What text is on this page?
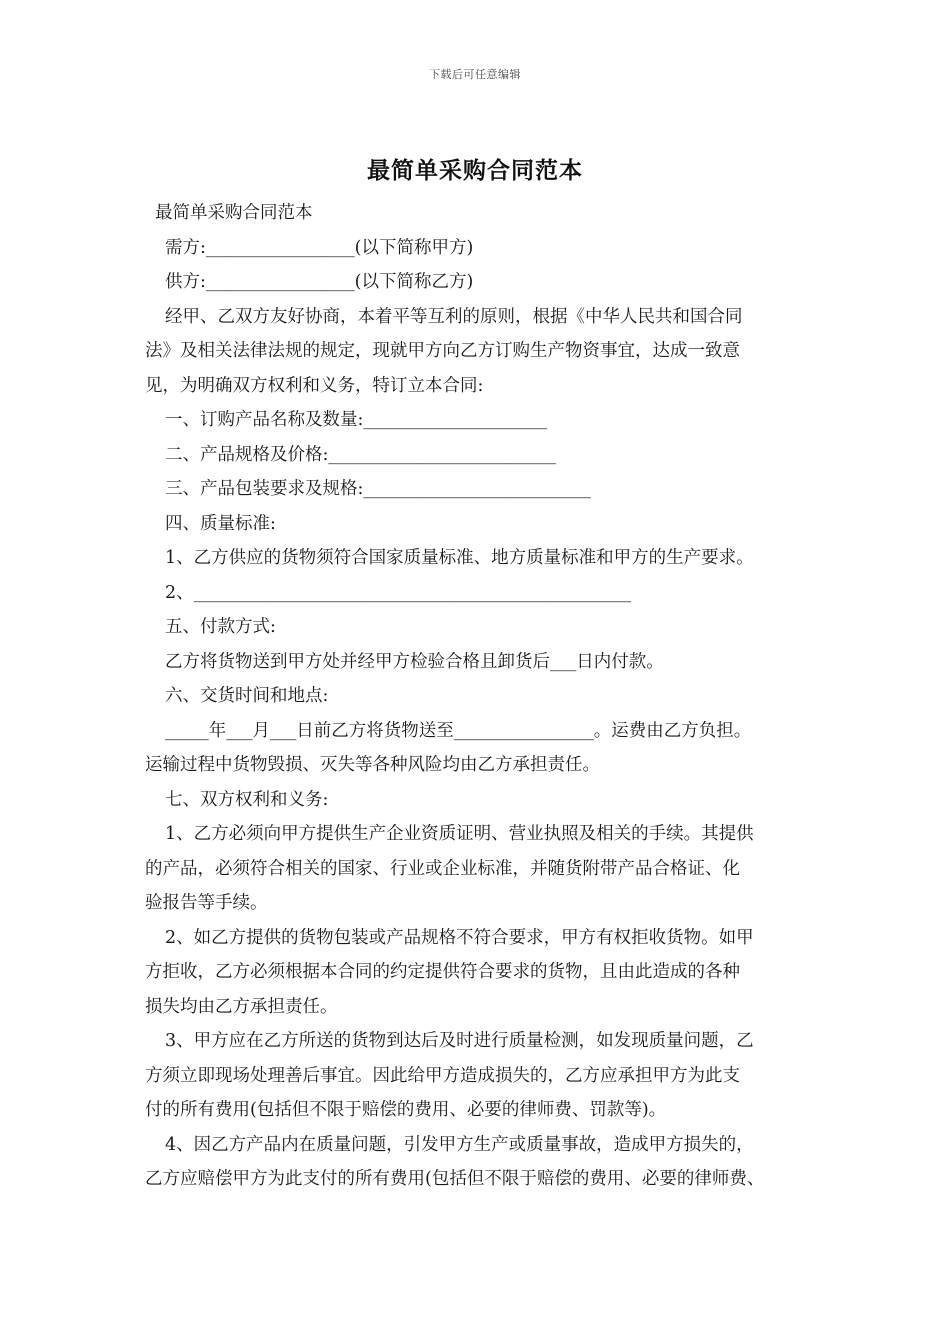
下载后可任意编辑
最简单采购合同范本
最简单采购合同范本
需方:_________________(以下简称甲方)
供方:_________________(以下简称乙方)
经甲、乙双方友好协商，本着平等互利的原则，根据《中华人民共和国合同
法》及相关法律法规的规定，现就甲方向乙方订购生产物资事宜，达成一致意
见，为明确双方权利和义务，特订立本合同:
一、订购产品名称及数量:_____________________
二、产品规格及价格:__________________________
三、产品包装要求及规格:__________________________
四、质量标准:
1、乙方供应的货物须符合国家质量标准、地方质量标准和甲方的生产要求。
2、__________________________________________________
五、付款方式:
乙方将货物送到甲方处并经甲方检验合格且卸货后___日内付款。
六、交货时间和地点:
_____年___月___日前乙方将货物送至________________。运费由乙方负担。
运输过程中货物毁损、灭失等各种风险均由乙方承担责任。
七、双方权利和义务:
1、乙方必须向甲方提供生产企业资质证明、营业执照及相关的手续。其提供
的产品，必须符合相关的国家、行业或企业标准，并随货附带产品合格证、化
验报告等手续。
2、如乙方提供的货物包装或产品规格不符合要求，甲方有权拒收货物。如甲
方拒收，乙方必须根据本合同的约定提供符合要求的货物，且由此造成的各种
损失均由乙方承担责任。
3、甲方应在乙方所送的货物到达后及时进行质量检测，如发现质量问题，乙
方须立即现场处理善后事宜。因此给甲方造成损失的，乙方应承担甲方为此支
付的所有费用(包括但不限于赔偿的费用、必要的律师费、罚款等)。
4、因乙方产品内在质量问题，引发甲方生产或质量事故，造成甲方损失的，
乙方应赔偿甲方为此支付的所有费用(包括但不限于赔偿的费用、必要的律师费、
